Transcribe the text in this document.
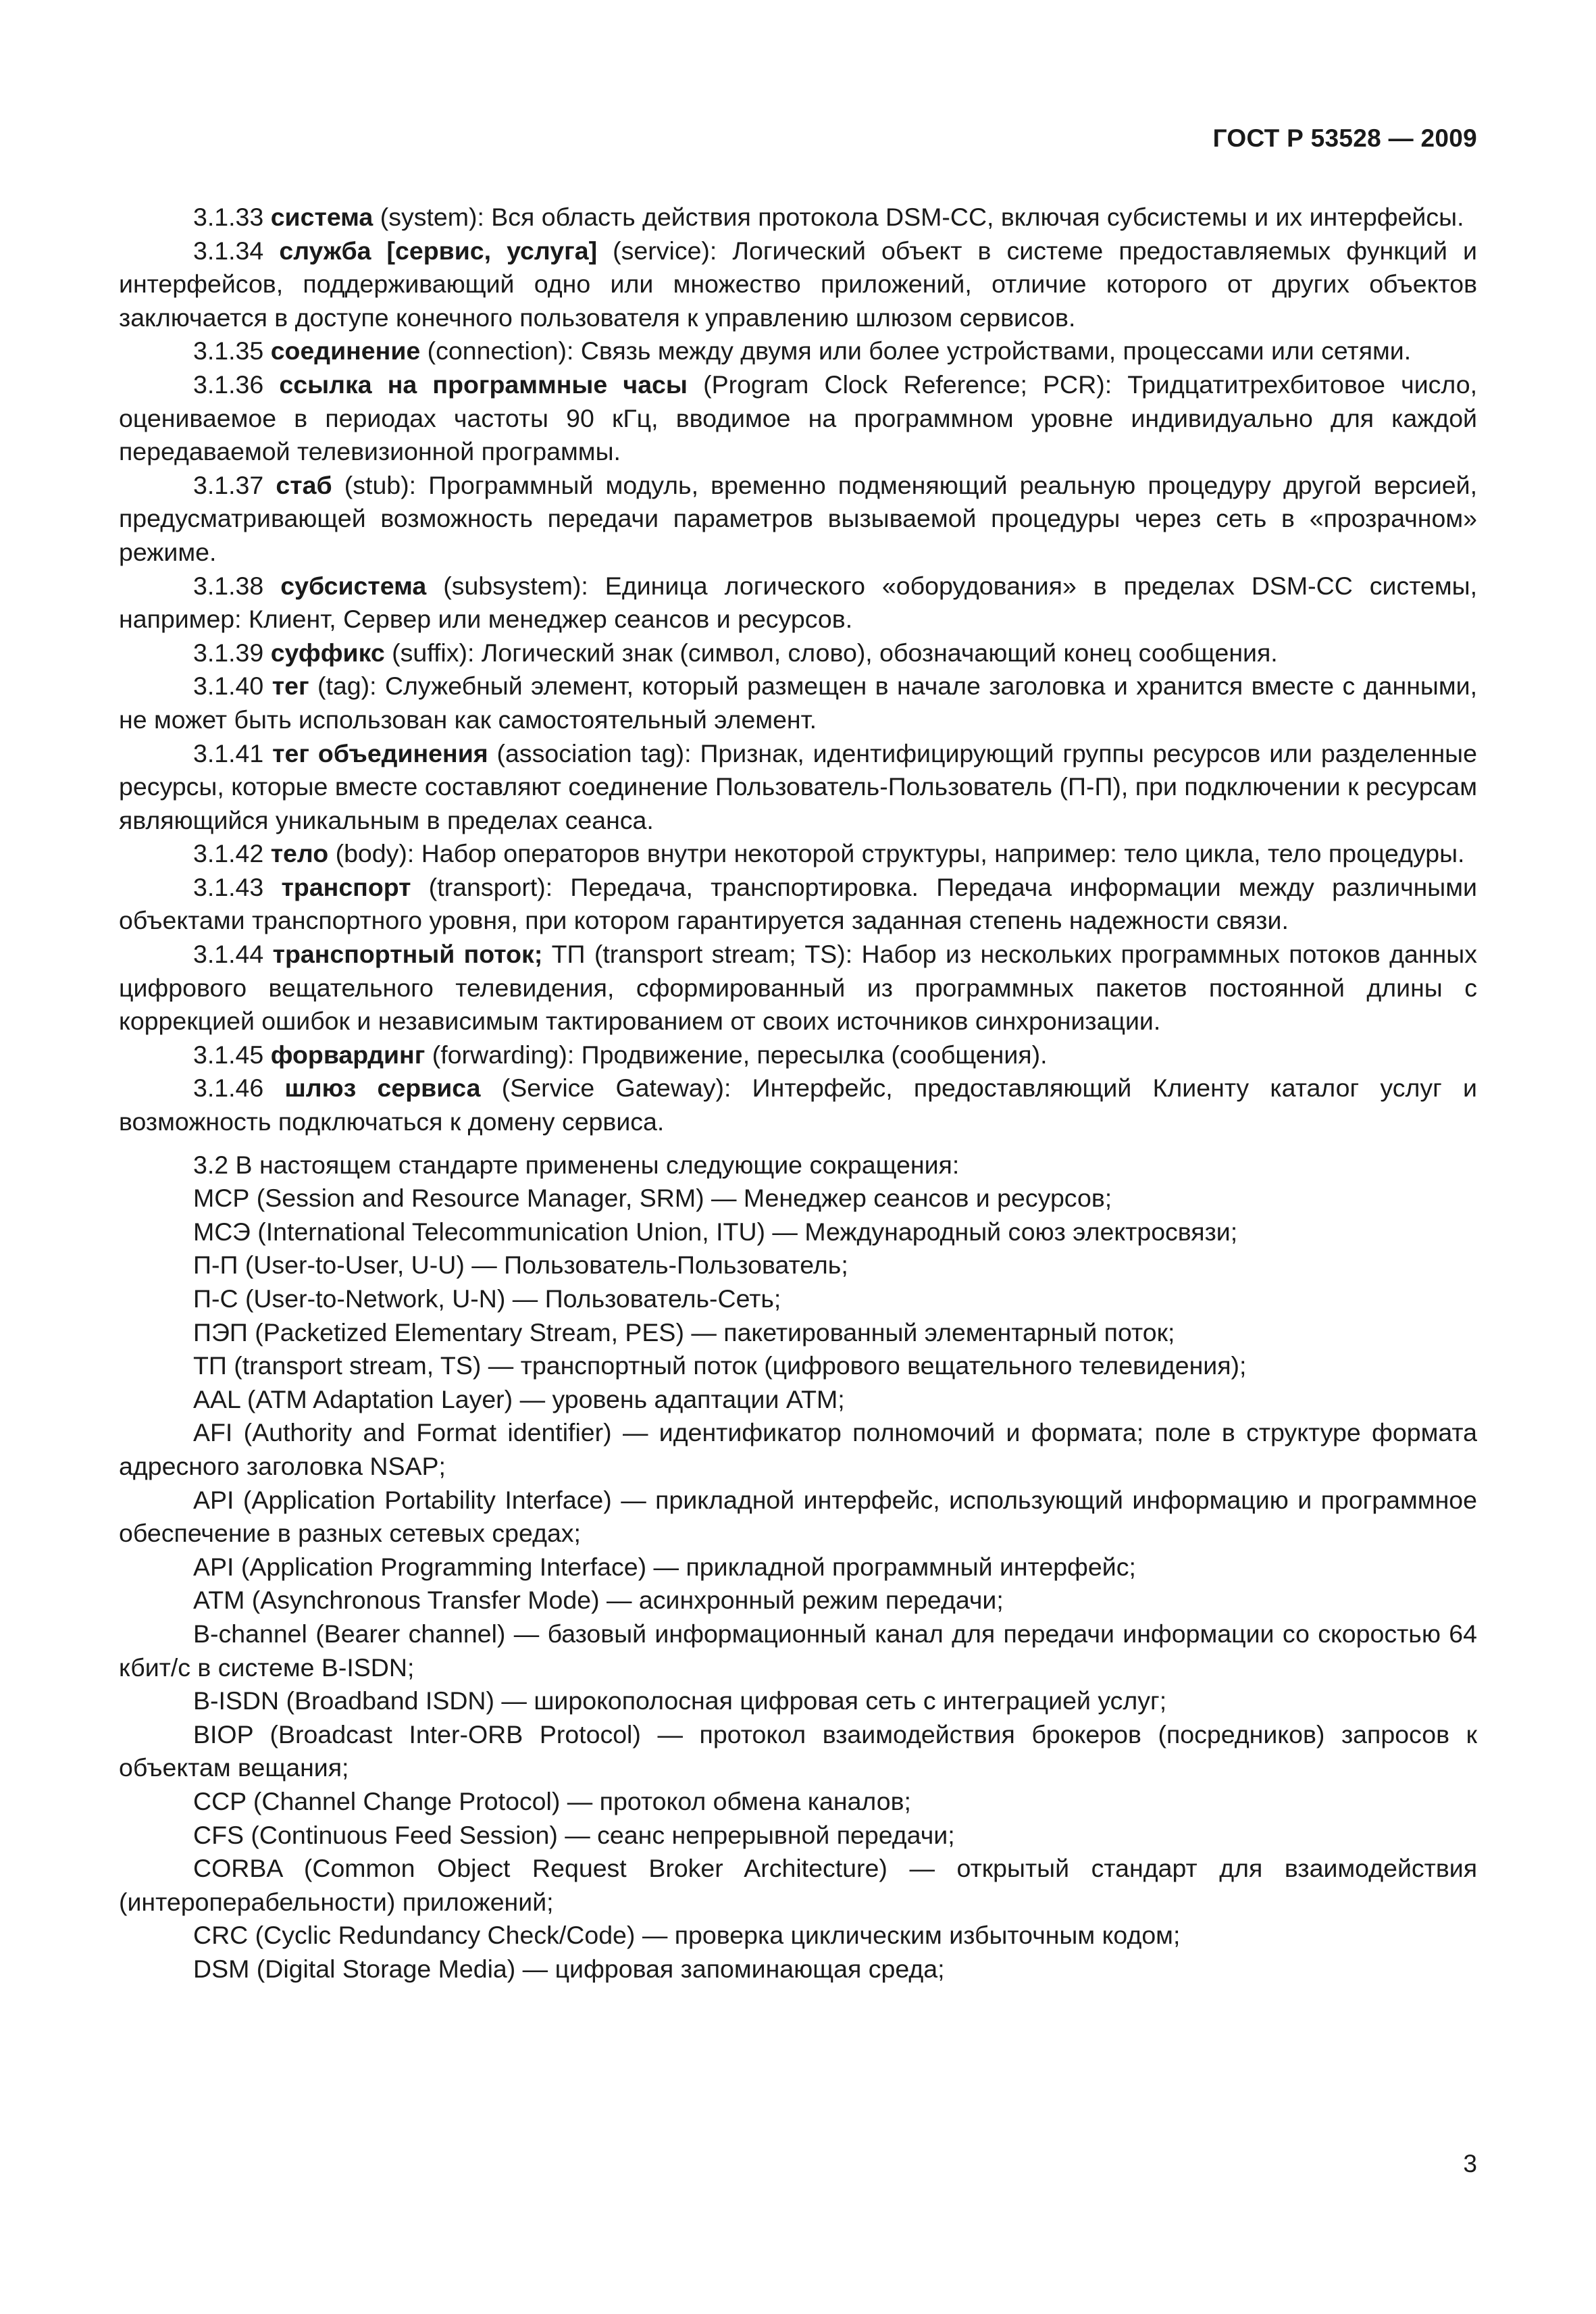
ГОСТ Р 53528 — 2009

3.1.33 система (system): Вся область действия протокола DSM-CC, включая субсистемы и их интерфейсы.

3.1.34 служба [сервис, услуга] (service): Логический объект в системе предоставляемых функций и интерфейсов, поддерживающий одно или множество приложений, отличие которого от других объектов заключается в доступе конечного пользователя к управлению шлюзом сервисов.

3.1.35 соединение (connection): Связь между двумя или более устройствами, процессами или сетями.

3.1.36 ссылка на программные часы (Program Clock Reference; PCR): Тридцатитрехбитовое число, оцениваемое в периодах частоты 90 кГц, вводимое на программном уровне индивидуально для каждой передаваемой телевизионной программы.

3.1.37 стаб (stub): Программный модуль, временно подменяющий реальную процедуру другой версией, предусматривающей возможность передачи параметров вызываемой процедуры через сеть в «прозрачном» режиме.

3.1.38 субсистема (subsystem): Единица логического «оборудования» в пределах DSM-CC системы, например: Клиент, Сервер или менеджер сеансов и ресурсов.

3.1.39 суффикс (suffix): Логический знак (символ, слово), обозначающий конец сообщения.

3.1.40 тег (tag): Служебный элемент, который размещен в начале заголовка и хранится вместе с данными, не может быть использован как самостоятельный элемент.

3.1.41 тег объединения (association tag): Признак, идентифицирующий группы ресурсов или разделенные ресурсы, которые вместе составляют соединение Пользователь-Пользователь (П-П), при подключении к ресурсам являющийся уникальным в пределах сеанса.

3.1.42 тело (body): Набор операторов внутри некоторой структуры, например: тело цикла, тело процедуры.

3.1.43 транспорт (transport): Передача, транспортировка. Передача информации между различными объектами транспортного уровня, при котором гарантируется заданная степень надежности связи.

3.1.44 транспортный поток; ТП (transport stream; TS): Набор из нескольких программных потоков данных цифрового вещательного телевидения, сформированный из программных пакетов постоянной длины с коррекцией ошибок и независимым тактированием от своих источников синхронизации.

3.1.45 форвардинг (forwarding): Продвижение, пересылка (сообщения).

3.1.46 шлюз сервиса (Service Gateway): Интерфейс, предоставляющий Клиенту каталог услуг и возможность подключаться к домену сервиса.

3.2 В настоящем стандарте применены следующие сокращения:

МСР (Session and Resource Manager, SRM) — Менеджер сеансов и ресурсов;

МСЭ (International Telecommunication Union, ITU) — Международный союз электросвязи;

П-П (User-to-User, U-U) — Пользователь-Пользователь;

П-С (User-to-Network, U-N) — Пользователь-Сеть;

ПЭП (Packetized Elementary Stream, PES) — пакетированный элементарный поток;

ТП (transport stream, TS) — транспортный поток (цифрового вещательного телевидения);

AAL (ATM Adaptation Layer) — уровень адаптации ATM;

AFI (Authority and Format identifier) — идентификатор полномочий и формата; поле в структуре формата адресного заголовка NSAP;

API (Application Portability Interface) — прикладной интерфейс, использующий информацию и программное обеспечение в разных сетевых средах;

API (Application Programming Interface) — прикладной программный интерфейс;

ATM (Asynchronous Transfer Mode) — асинхронный режим передачи;

B-channel (Bearer channel) — базовый информационный канал для передачи информации со скоростью 64 кбит/с в системе B-ISDN;

B-ISDN (Broadband ISDN) — широкополосная цифровая сеть с интеграцией услуг;

BIOP (Broadcast Inter-ORB Protocol) — протокол взаимодействия брокеров (посредников) запросов к объектам вещания;

CCP (Channel Change Protocol) — протокол обмена каналов;

CFS (Continuous Feed Session) — сеанс непрерывной передачи;

CORBA (Common Object Request Broker Architecture) — открытый стандарт для взаимодействия (интероперабельности) приложений;

CRC (Cyclic Redundancy Check/Code) — проверка циклическим избыточным кодом;

DSM (Digital Storage Media) — цифровая запоминающая среда;

3
